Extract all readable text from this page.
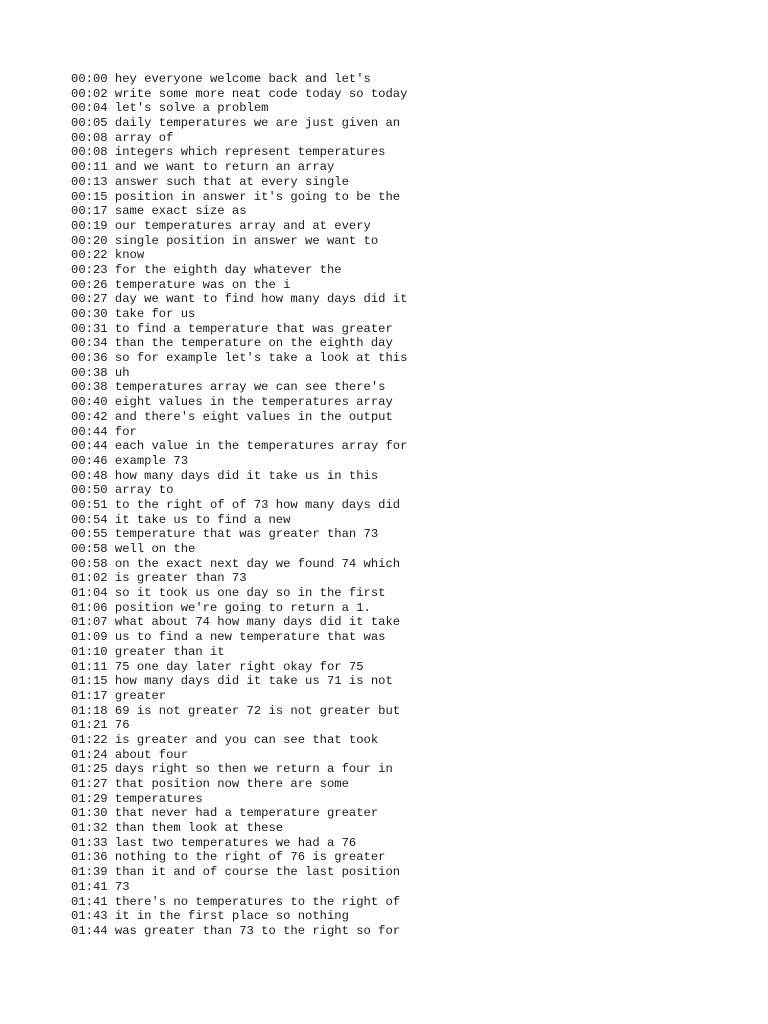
00:00 hey everyone welcome back and let's
00:02 write some more neat code today so today
00:04 let's solve a problem
00:05 daily temperatures we are just given an
00:08 array of
00:08 integers which represent temperatures
00:11 and we want to return an array
00:13 answer such that at every single
00:15 position in answer it's going to be the
00:17 same exact size as
00:19 our temperatures array and at every
00:20 single position in answer we want to
00:22 know
00:23 for the eighth day whatever the
00:26 temperature was on the i
00:27 day we want to find how many days did it
00:30 take for us
00:31 to find a temperature that was greater
00:34 than the temperature on the eighth day
00:36 so for example let's take a look at this
00:38 uh
00:38 temperatures array we can see there's
00:40 eight values in the temperatures array
00:42 and there's eight values in the output
00:44 for
00:44 each value in the temperatures array for
00:46 example 73
00:48 how many days did it take us in this
00:50 array to
00:51 to the right of of 73 how many days did
00:54 it take us to find a new
00:55 temperature that was greater than 73
00:58 well on the
00:58 on the exact next day we found 74 which
01:02 is greater than 73
01:04 so it took us one day so in the first
01:06 position we're going to return a 1.
01:07 what about 74 how many days did it take
01:09 us to find a new temperature that was
01:10 greater than it
01:11 75 one day later right okay for 75
01:15 how many days did it take us 71 is not
01:17 greater
01:18 69 is not greater 72 is not greater but
01:21 76
01:22 is greater and you can see that took
01:24 about four
01:25 days right so then we return a four in
01:27 that position now there are some
01:29 temperatures
01:30 that never had a temperature greater
01:32 than them look at these
01:33 last two temperatures we had a 76
01:36 nothing to the right of 76 is greater
01:39 than it and of course the last position
01:41 73
01:41 there's no temperatures to the right of
01:43 it in the first place so nothing
01:44 was greater than 73 to the right so for
